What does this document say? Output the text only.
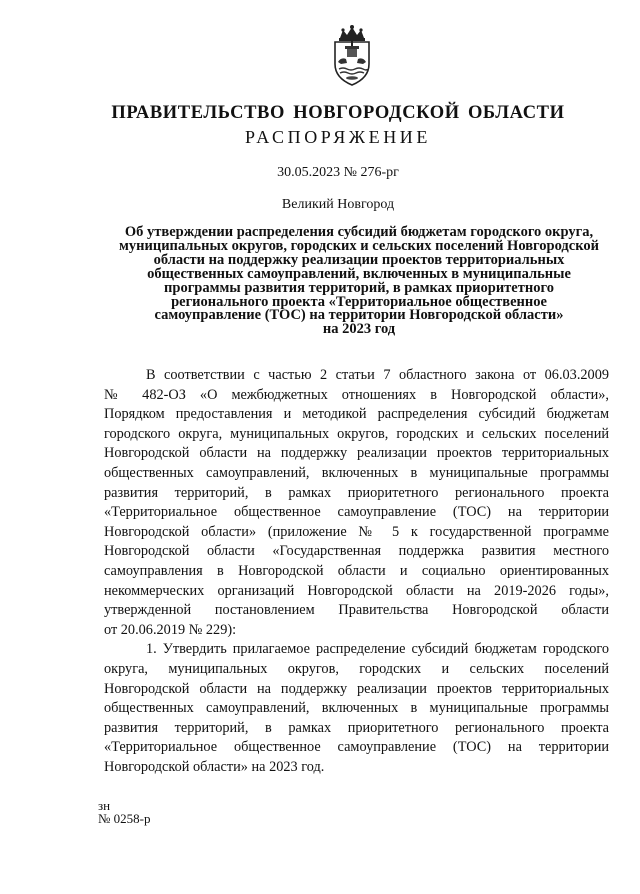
ПРАВИТЕЛЬСТВО НОВГОРОДСКОЙ ОБЛАСТИ
РАСПОРЯЖЕНИЕ
30.05.2023 № 276-рг
Великий Новгород
Об утверждении распределения субсидий бюджетам городского округа,
муниципальных округов, городских и сельских поселений Новгородской
области на поддержку реализации проектов территориальных
общественных самоуправлений, включенных в муниципальные
программы развития территорий, в рамках приоритетного
регионального проекта «Территориальное общественное
самоуправление (ТОС) на территории Новгородской области»
на 2023 год
В соответствии с частью 2 статьи 7 областного закона от 06.03.2009
№ 482-ОЗ «О межбюджетных отношениях в Новгородской области»,
Порядком предоставления и методикой распределения субсидий бюджетам
городского округа, муниципальных округов, городских и сельских поселений
Новгородской области на поддержку реализации проектов территориальных
общественных самоуправлений, включенных в муниципальные программы
развития территорий, в рамках приоритетного регионального проекта
«Территориальное общественное самоуправление (ТОС) на территории
Новгородской области» (приложение № 5 к государственной программе
Новгородской области «Государственная поддержка развития местного
самоуправления в Новгородской области и социально ориентированных
некоммерческих организаций Новгородской области на 2019-2026 годы»,
утвержденной постановлением Правительства Новгородской области
от 20.06.2019 № 229):
1. Утвердить прилагаемое распределение субсидий бюджетам городского
округа, муниципальных округов, городских и сельских поселений
Новгородской области на поддержку реализации проектов территориальных
общественных самоуправлений, включенных в муниципальные программы
развития территорий, в рамках приоритетного регионального проекта
«Территориальное общественное самоуправление (ТОС) на территории
Новгородской области» на 2023 год.
зн
№ 0258-р
